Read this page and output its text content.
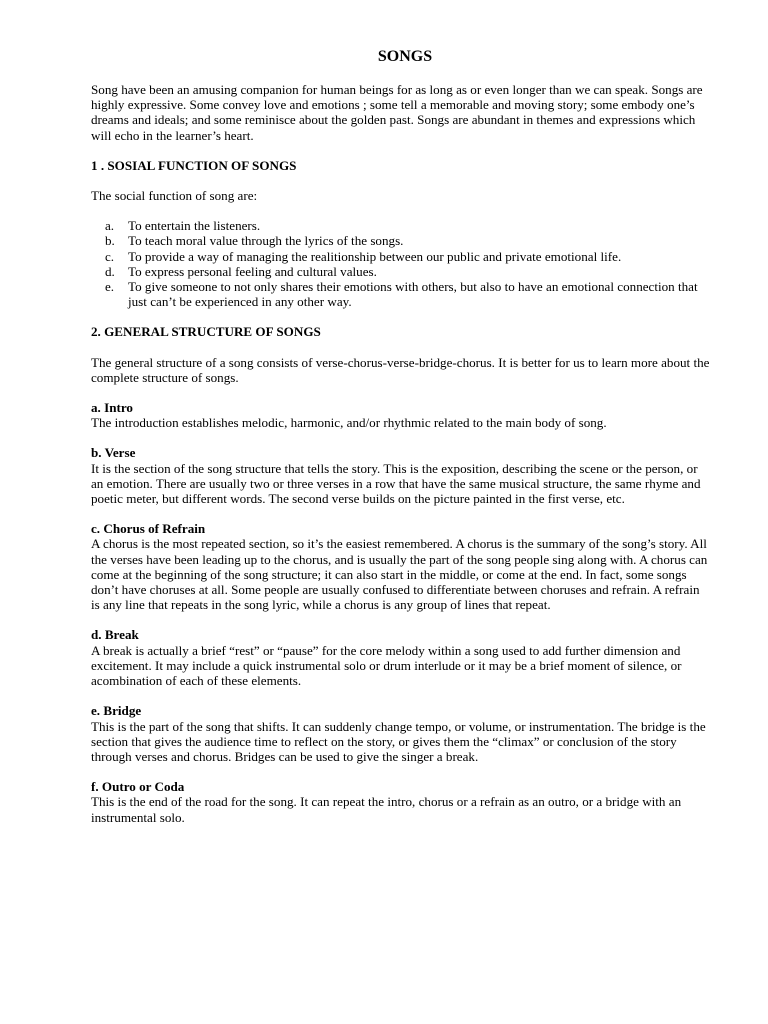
SONGS

Song have been an amusing companion for human beings for as long as or even longer than we can speak. Songs are highly expressive. Some convey love and emotions ; some tell a memorable and moving story; some embody one’s dreams and ideals; and some reminisce about the golden past. Songs are abundant in themes and expressions which will echo in the learner’s heart.

1 . SOSIAL FUNCTION OF SONGS

The social function of song are:

a.	To entertain the listeners.
b.	To teach moral value through the lyrics of the songs.
c.	To provide a way of managing the realitionship between our public and private emotional life.
d.	To express personal feeling and cultural values.
e.	To give someone to not only shares their emotions with others, but also to have an emotional connection that just can’t be experienced in any other way.
2. GENERAL STRUCTURE OF SONGS

The general structure of a song consists of verse-chorus-verse-bridge-chorus. It is better for us to learn more about the complete structure of songs.

a. Intro

The introduction establishes melodic, harmonic, and/or rhythmic related to the main body of song.

b. Verse

It is the section of the song structure that tells the story. This is the exposition, describing the scene or the person, or an emotion. There are usually two or three verses in a row that have the same musical structure, the same rhyme and poetic meter, but different words. The second verse builds on the picture painted in the first verse, etc.

c. Chorus of Refrain

A chorus is the most repeated section, so it’s the easiest remembered. A chorus is the summary of the song’s story. All the verses have been leading up to the chorus, and is usually the part of the song people sing along with. A chorus can come at the beginning of the song structure; it can also start in the middle, or come at the end. In fact, some songs don’t have choruses at all. Some people are usually confused to differentiate between choruses and refrain. A refrain is any line that repeats in the song lyric, while a chorus is any group of lines that repeat.

d. Break

A break is actually a brief “rest” or “pause” for the core melody within a song used to add further dimension and excitement. It may include a quick instrumental solo or drum interlude or it may be a brief moment of silence, or acombination of each of these elements.

e. Bridge

This is the part of the song that shifts. It can suddenly change tempo, or volume, or instrumentation. The bridge is the section that gives the audience time to reflect on the story, or gives them the “climax” or conclusion of the story through verses and chorus. Bridges can be used to give the singer a break.

f. Outro or Coda

This is the end of the road for the song. It can repeat the intro, chorus or a refrain as an outro, or a bridge with an instrumental solo.
